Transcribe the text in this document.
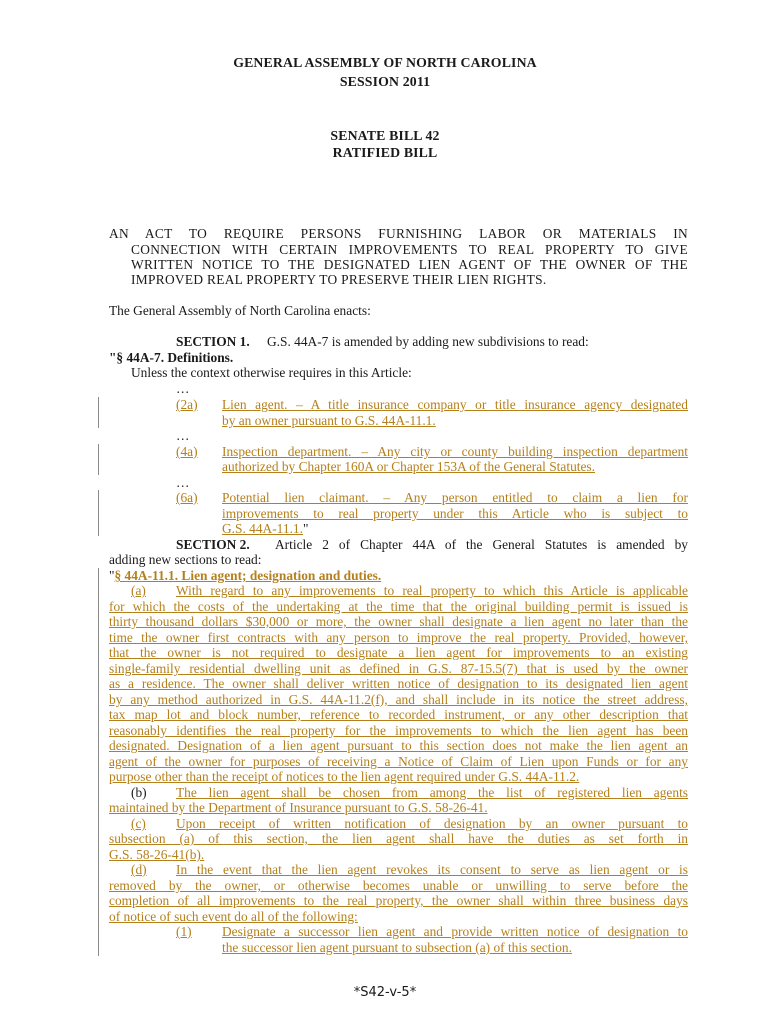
GENERAL ASSEMBLY OF NORTH CAROLINA
SESSION 2011
SENATE BILL 42
RATIFIED BILL
AN ACT TO REQUIRE PERSONS FURNISHING LABOR OR MATERIALS IN
CONNECTION WITH CERTAIN IMPROVEMENTS TO REAL PROPERTY TO GIVE
WRITTEN NOTICE TO THE DESIGNATED LIEN AGENT OF THE OWNER OF THE
IMPROVED REAL PROPERTY TO PRESERVE THEIR LIEN RIGHTS.
The General Assembly of North Carolina enacts:
SECTION 1. G.S. 44A-7 is amended by adding new subdivisions to read:
"§ 44A-7. Definitions.
Unless the context otherwise requires in this Article:
…
(2a) Lien agent. – A title insurance company or title insurance agency designated
by an owner pursuant to G.S. 44A-11.1.
…
(4a) Inspection department. – Any city or county building inspection department
authorized by Chapter 160A or Chapter 153A of the General Statutes.
…
(6a) Potential lien claimant. – Any person entitled to claim a lien for
improvements to real property under this Article who is subject to
G.S. 44A-11.1."
SECTION 2. Article 2 of Chapter 44A of the General Statutes is amended by
adding new sections to read:
"§ 44A-11.1. Lien agent; designation and duties.
(a) With regard to any improvements to real property to which this Article is applicable
for which the costs of the undertaking at the time that the original building permit is issued is
thirty thousand dollars $30,000 or more, the owner shall designate a lien agent no later than the
time the owner first contracts with any person to improve the real property. Provided, however,
that the owner is not required to designate a lien agent for improvements to an existing
single-family residential dwelling unit as defined in G.S. 87-15.5(7) that is used by the owner
as a residence. The owner shall deliver written notice of designation to its designated lien agent
by any method authorized in G.S. 44A-11.2(f), and shall include in its notice the street address,
tax map lot and block number, reference to recorded instrument, or any other description that
reasonably identifies the real property for the improvements to which the lien agent has been
designated. Designation of a lien agent pursuant to this section does not make the lien agent an
agent of the owner for purposes of receiving a Notice of Claim of Lien upon Funds or for any
purpose other than the receipt of notices to the lien agent required under G.S. 44A-11.2.
(b) The lien agent shall be chosen from among the list of registered lien agents
maintained by the Department of Insurance pursuant to G.S. 58-26-41.
(c) Upon receipt of written notification of designation by an owner pursuant to
subsection (a) of this section, the lien agent shall have the duties as set forth in
G.S. 58-26-41(b).
(d) In the event that the lien agent revokes its consent to serve as lien agent or is
removed by the owner, or otherwise becomes unable or unwilling to serve before the
completion of all improvements to the real property, the owner shall within three business days
of notice of such event do all of the following:
(1) Designate a successor lien agent and provide written notice of designation to
the successor lien agent pursuant to subsection (a) of this section.
*S42-v-5*
